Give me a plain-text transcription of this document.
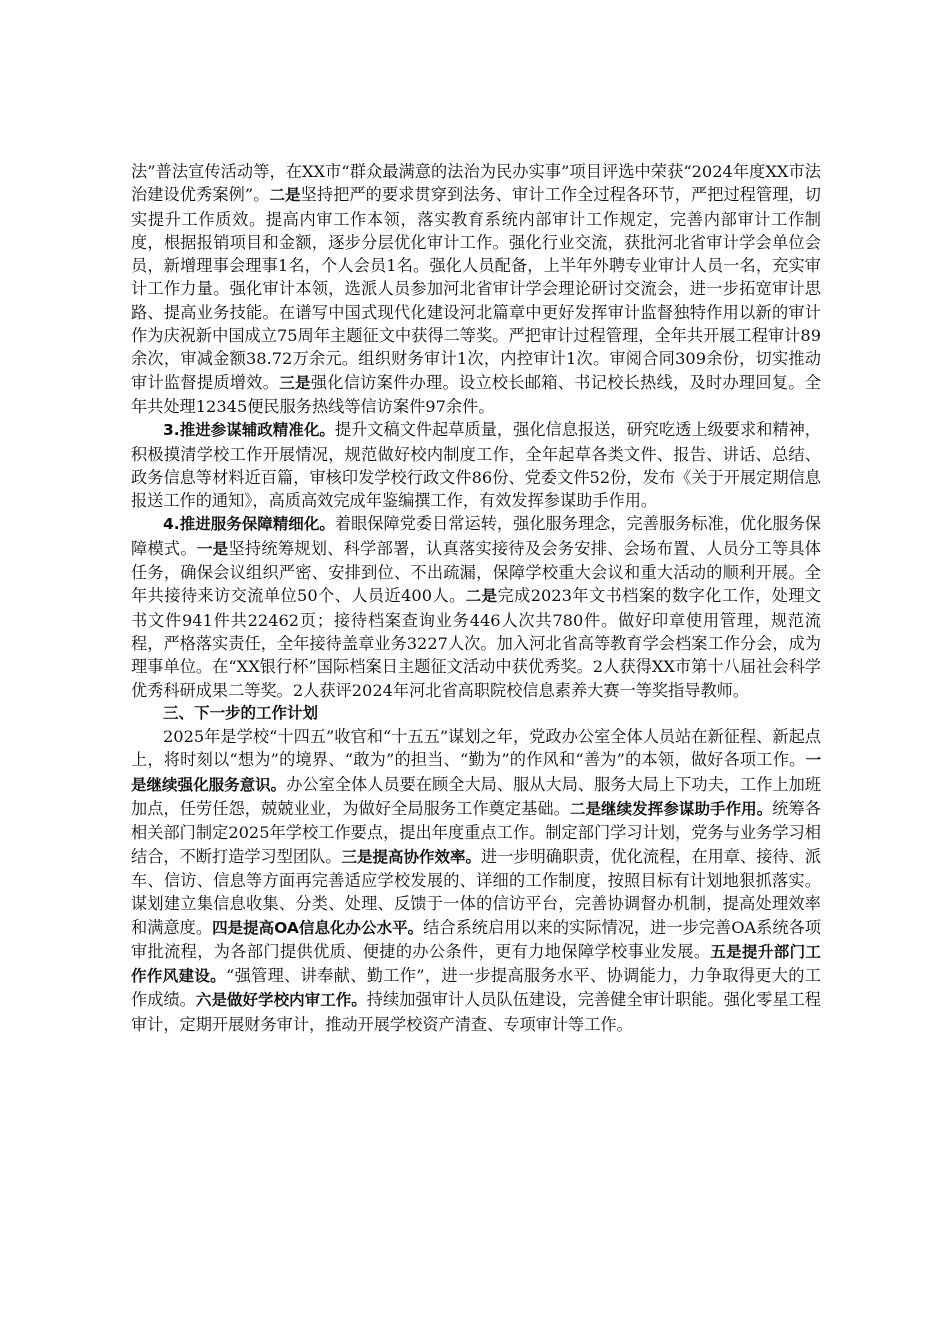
法”普法宣传活动等，在XX市“群众最满意的法治为民办实事”项目评选中荣获“2024年度XX市法治建设优秀案例”。二是坚持把严的要求贯穿到法务、审计工作全过程各环节，严把过程管理，切实提升工作质效。提高内审工作本领，落实教育系统内部审计工作规定，完善内部审计工作制度，根据报销项目和金额，逐步分层优化审计工作。强化行业交流，获批河北省审计学会单位会员，新增理事会理事1名，个人会员1名。强化人员配备，上半年外聘专业审计人员一名，充实审计工作力量。强化审计本领，选派人员参加河北省审计学会理论研讨交流会，进一步拓宽审计思路、提高业务技能。在谱写中国式现代化建设河北篇章中更好发挥审计监督独特作用以新的审计作为庆祝新中国成立75周年主题征文中获得二等奖。严把审计过程管理，全年共开展工程审计89余次，审减金额38.72万余元。组织财务审计1次，内控审计1次。审阅合同309余份，切实推动审计监督提质增效。三是强化信访案件办理。设立校长邮箱、书记校长热线，及时办理回复。全年共处理12345便民服务热线等信访案件97余件。

3.推进参谋辅政精准化。提升文稿文件起草质量，强化信息报送，研究吃透上级要求和精神，积极摸清学校工作开展情况，规范做好校内制度工作，全年起草各类文件、报告、讲话、总结、政务信息等材料近百篇，审核印发学校行政文件86份、党委文件52份，发布《关于开展定期信息报送工作的通知》，高质高效完成年鉴编撰工作，有效发挥参谋助手作用。

4.推进服务保障精细化。着眼保障党委日常运转，强化服务理念，完善服务标准，优化服务保障模式。一是坚持统筹规划、科学部署，认真落实接待及会务安排、会场布置、人员分工等具体任务，确保会议组织严密、安排到位、不出疏漏，保障学校重大会议和重大活动的顺利开展。全年共接待来访交流单位50个、人员近400人。二是完成2023年文书档案的数字化工作，处理文书文件941件共22462页；接待档案查询业务446人次共780件。做好印章使用管理，规范流程，严格落实责任，全年接待盖章业务3227人次。加入河北省高等教育学会档案工作分会，成为理事单位。在“XX银行杯”国际档案日主题征文活动中获优秀奖。2人获得XX市第十八届社会科学优秀科研成果二等奖。2人获评2024年河北省高职院校信息素养大赛一等奖指导教师。

三、下一步的工作计划

2025年是学校“十四五”收官和“十五五”谋划之年，党政办公室全体人员站在新征程、新起点上，将时刻以“想为”的境界、“敢为”的担当、“勤为”的作风和“善为”的本领，做好各项工作。一是继续强化服务意识。办公室全体人员要在顾全大局、服从大局、服务大局上下功夫，工作上加班加点，任劳任怨，兢兢业业，为做好全局服务工作奠定基础。二是继续发挥参谋助手作用。统筹各相关部门制定2025年学校工作要点，提出年度重点工作。制定部门学习计划，党务与业务学习相结合，不断打造学习型团队。三是提高协作效率。进一步明确职责，优化流程，在用章、接待、派车、信访、信息等方面再完善适应学校发展的、详细的工作制度，按照目标有计划地狠抓落实。谋划建立集信息收集、分类、处理、反馈于一体的信访平台，完善协调督办机制，提高处理效率和满意度。四是提高OA信息化办公水平。结合系统启用以来的实际情况，进一步完善OA系统各项审批流程，为各部门提供优质、便捷的办公条件，更有力地保障学校事业发展。五是提升部门工作作风建设。“强管理、讲奉献、勤工作”，进一步提高服务水平、协调能力，力争取得更大的工作成绩。六是做好学校内审工作。持续加强审计人员队伍建设，完善健全审计职能。强化零星工程审计，定期开展财务审计，推动开展学校资产清查、专项审计等工作。
